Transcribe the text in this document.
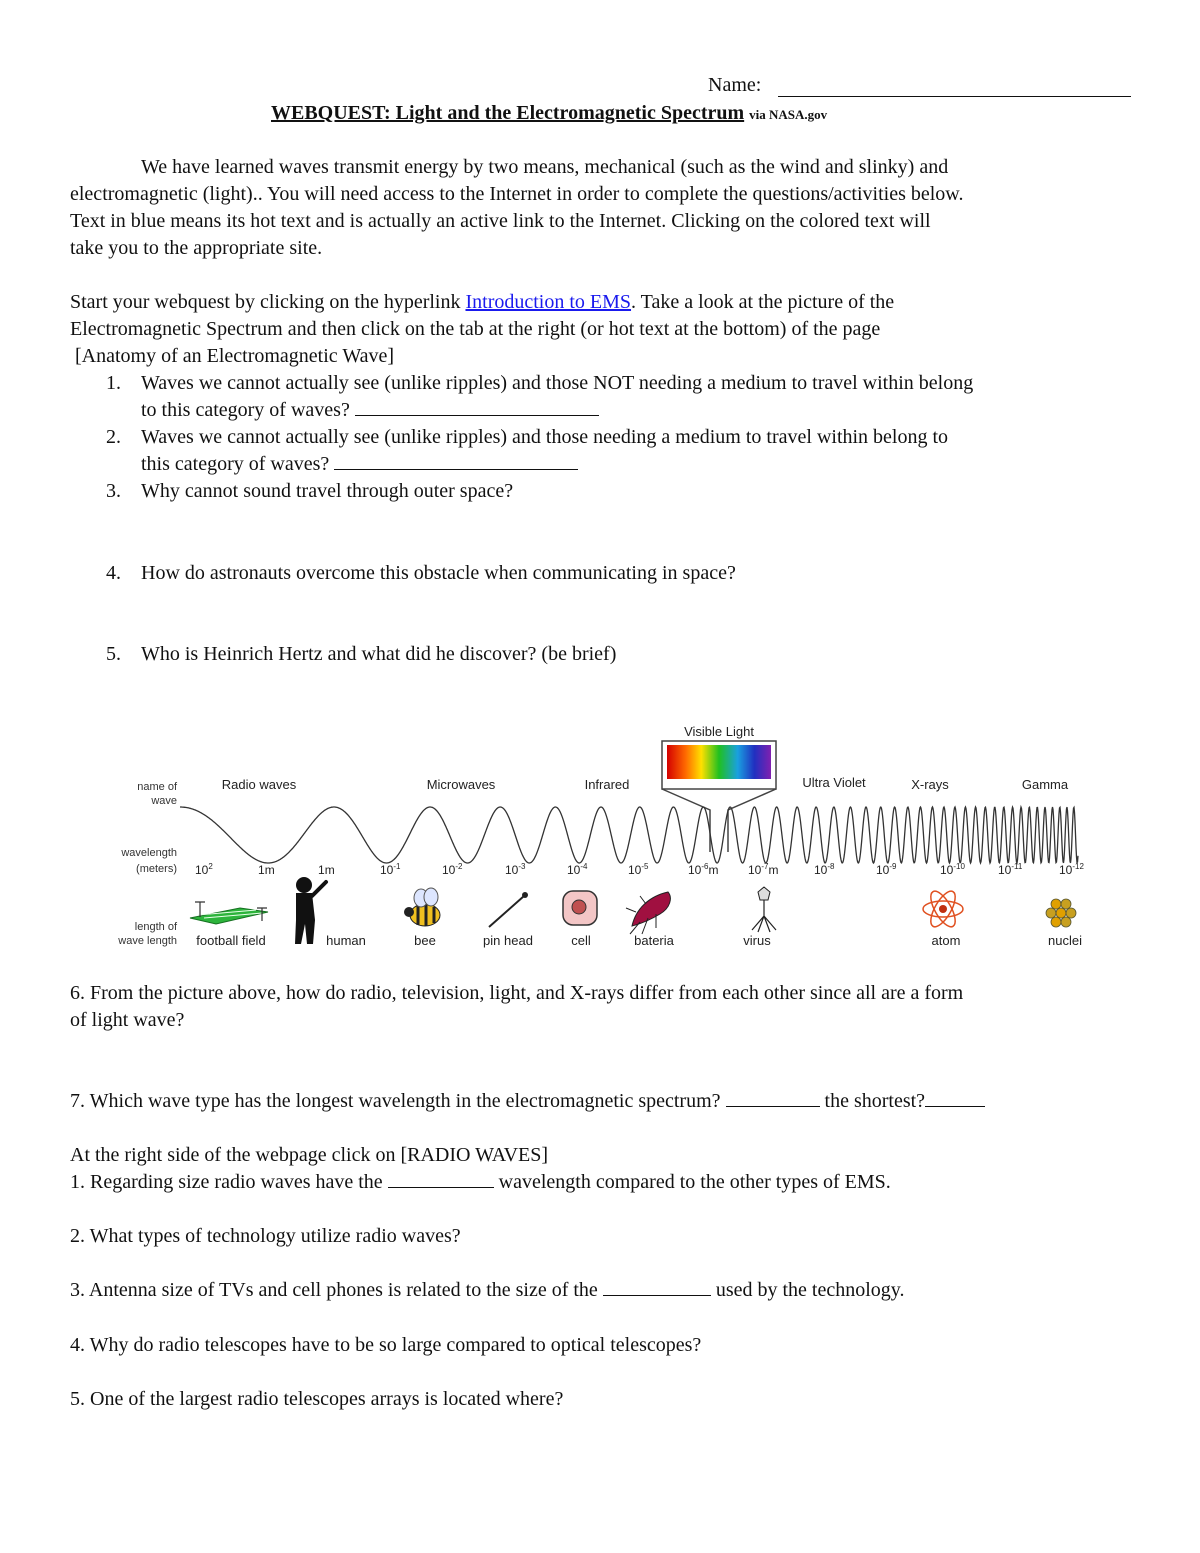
Name:
WEBQUEST: Light and the Electromagnetic Spectrum via NASA.gov
We have learned waves transmit energy by two means, mechanical (such as the wind and slinky) and
electromagnetic (light).. You will need access to the Internet in order to complete the questions/activities below.
Text in blue means its hot text and is actually an active link to the Internet. Clicking on the colored text will
take you to the appropriate site.
Start your webquest by clicking on the hyperlink Introduction to EMS. Take a look at the picture of the
Electromagnetic Spectrum and then click on the tab at the right (or hot text at the bottom) of the page
[Anatomy of an Electromagnetic Wave]
1. Waves we cannot actually see (unlike ripples) and those NOT needing a medium to travel within belong
to this category of waves?
2. Waves we cannot actually see (unlike ripples) and those needing a medium to travel within belong to
this category of waves?
3. Why cannot sound travel through outer space?
4. How do astronauts overcome this obstacle when communicating in space?
5. Who is Heinrich Hertz and what did he discover? (be brief)
Visible Light
name of
wave
wavelength
(meters)
length of
wave length
Radio waves	Microwaves	Infrared	Ultra Violet	X-rays	Gamma
$10^2$	1m	1m	$10^{-1}$	$10^{-2}$	$10^{-3}$	$10^{-4}$	$10^{-5}$	$10^{-6}m$ $10^{-7}m$	$10^{-8}$	$10^{-9}$	$10^{-10}$	$10^{-11}$	$10^{-12}$
football field	human	bee	pin head	cell	bateria	virus	atom	nuclei
6. From the picture above, how do radio, television, light, and X-rays differ from each other since all are a form
of light wave?
7. Which wave type has the longest wavelength in the electromagnetic spectrum?	the shortest?
At the right side of the webpage click on [RADIO WAVES]
1. Regarding size radio waves have the	wavelength compared to the other types of EMS.
2. What types of technology utilize radio waves?
3. Antenna size of TVs and cell phones is related to the size of the	used by the technology.
4. Why do radio telescopes have to be so large compared to optical telescopes?
5. One of the largest radio telescopes arrays is located where?
